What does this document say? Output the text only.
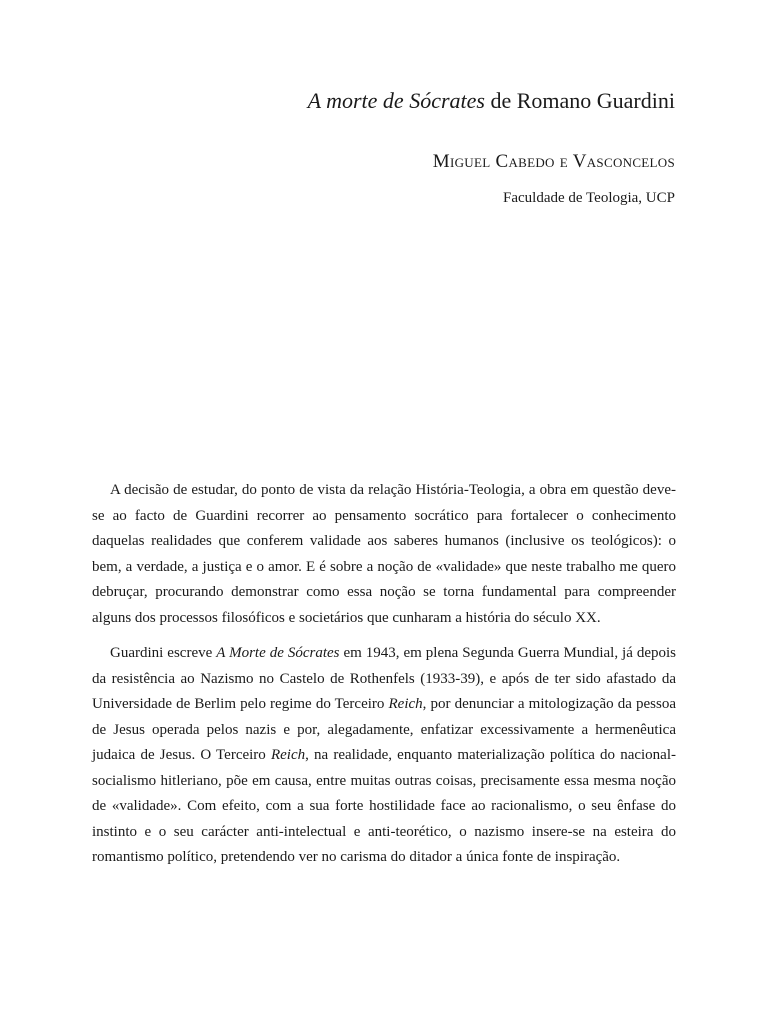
A morte de Sócrates de Romano Guardini

Miguel Cabedo e Vasconcelos

Faculdade de Teologia, UCP

A decisão de estudar, do ponto de vista da relação História-Teologia, a obra em questão deve-se ao facto de Guardini recorrer ao pensamento socrático para fortalecer o conhecimento daquelas realidades que conferem validade aos saberes humanos (inclusive os teológicos): o bem, a verdade, a justiça e o amor. E é sobre a noção de «validade» que neste trabalho me quero debruçar, procurando demonstrar como essa noção se torna fundamental para compreender alguns dos processos filosóficos e societários que cunharam a história do século XX.

Guardini escreve A Morte de Sócrates em 1943, em plena Segunda Guerra Mundial, já depois da resistência ao Nazismo no Castelo de Rothenfels (1933-39), e após de ter sido afastado da Universidade de Berlim pelo regime do Terceiro Reich, por denunciar a mitologização da pessoa de Jesus operada pelos nazis e por, alegadamente, enfatizar excessivamente a hermenêutica judaica de Jesus. O Terceiro Reich, na realidade, enquanto materialização política do nacional-socialismo hitleriano, põe em causa, entre muitas outras coisas, precisamente essa mesma noção de «validade». Com efeito, com a sua forte hostilidade face ao racionalismo, o seu ênfase do instinto e o seu carácter anti-intelectual e anti-teorético, o nazismo insere-se na esteira do romantismo político, pretendendo ver no carisma do ditador a única fonte de inspiração.
